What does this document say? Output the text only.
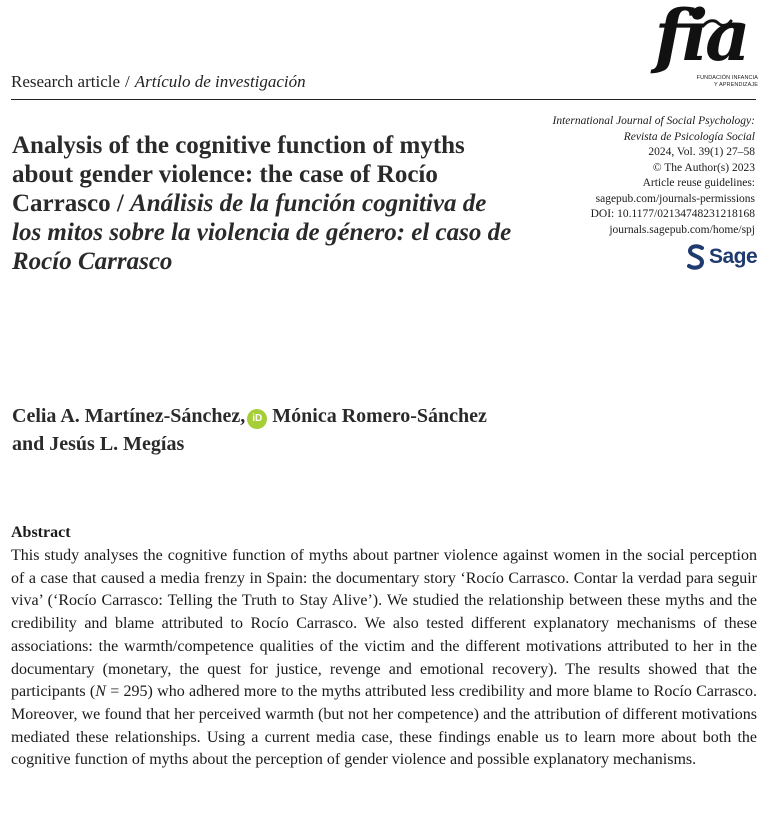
Research article / Artículo de investigación
fia
FUNDACIÓN INFANCIA
Y APRENDIZAJE
Analysis of the cognitive function of myths about gender violence: the case of Rocío Carrasco / Análisis de la función cognitiva de los mitos sobre la violencia de género: el caso de Rocío Carrasco
International Journal of Social Psychology:
Revista de Psicología Social
2024, Vol. 39(1) 27–58
© The Author(s) 2023
Article reuse guidelines:
sagepub.com/journals-permissions
DOI: 10.1177/02134748231218168
journals.sagepub.com/home/spj
Sage
Celia A. Martínez-Sánchez, iD Mónica Romero-Sánchez
and Jesús L. Megías
Abstract

This study analyses the cognitive function of myths about partner violence against women in the social perception of a case that caused a media frenzy in Spain: the documentary story ‘Rocío Carrasco. Contar la verdad para seguir viva’ (‘Rocío Carrasco: Telling the Truth to Stay Alive’). We studied the relationship between these myths and the credibility and blame attributed to Rocío Carrasco. We also tested different explanatory mechanisms of these associations: the warmth/competence qualities of the victim and the different motivations attributed to her in the documentary (monetary, the quest for justice, revenge and emotional recovery). The results showed that the participants (N = 295) who adhered more to the myths attributed less credibility and more blame to Rocío Carrasco. Moreover, we found that her perceived warmth (but not her competence) and the attribution of different motivations mediated these relationships. Using a current media case, these findings enable us to learn more about both the cognitive function of myths about the perception of gender violence and possible explanatory mechanisms.
